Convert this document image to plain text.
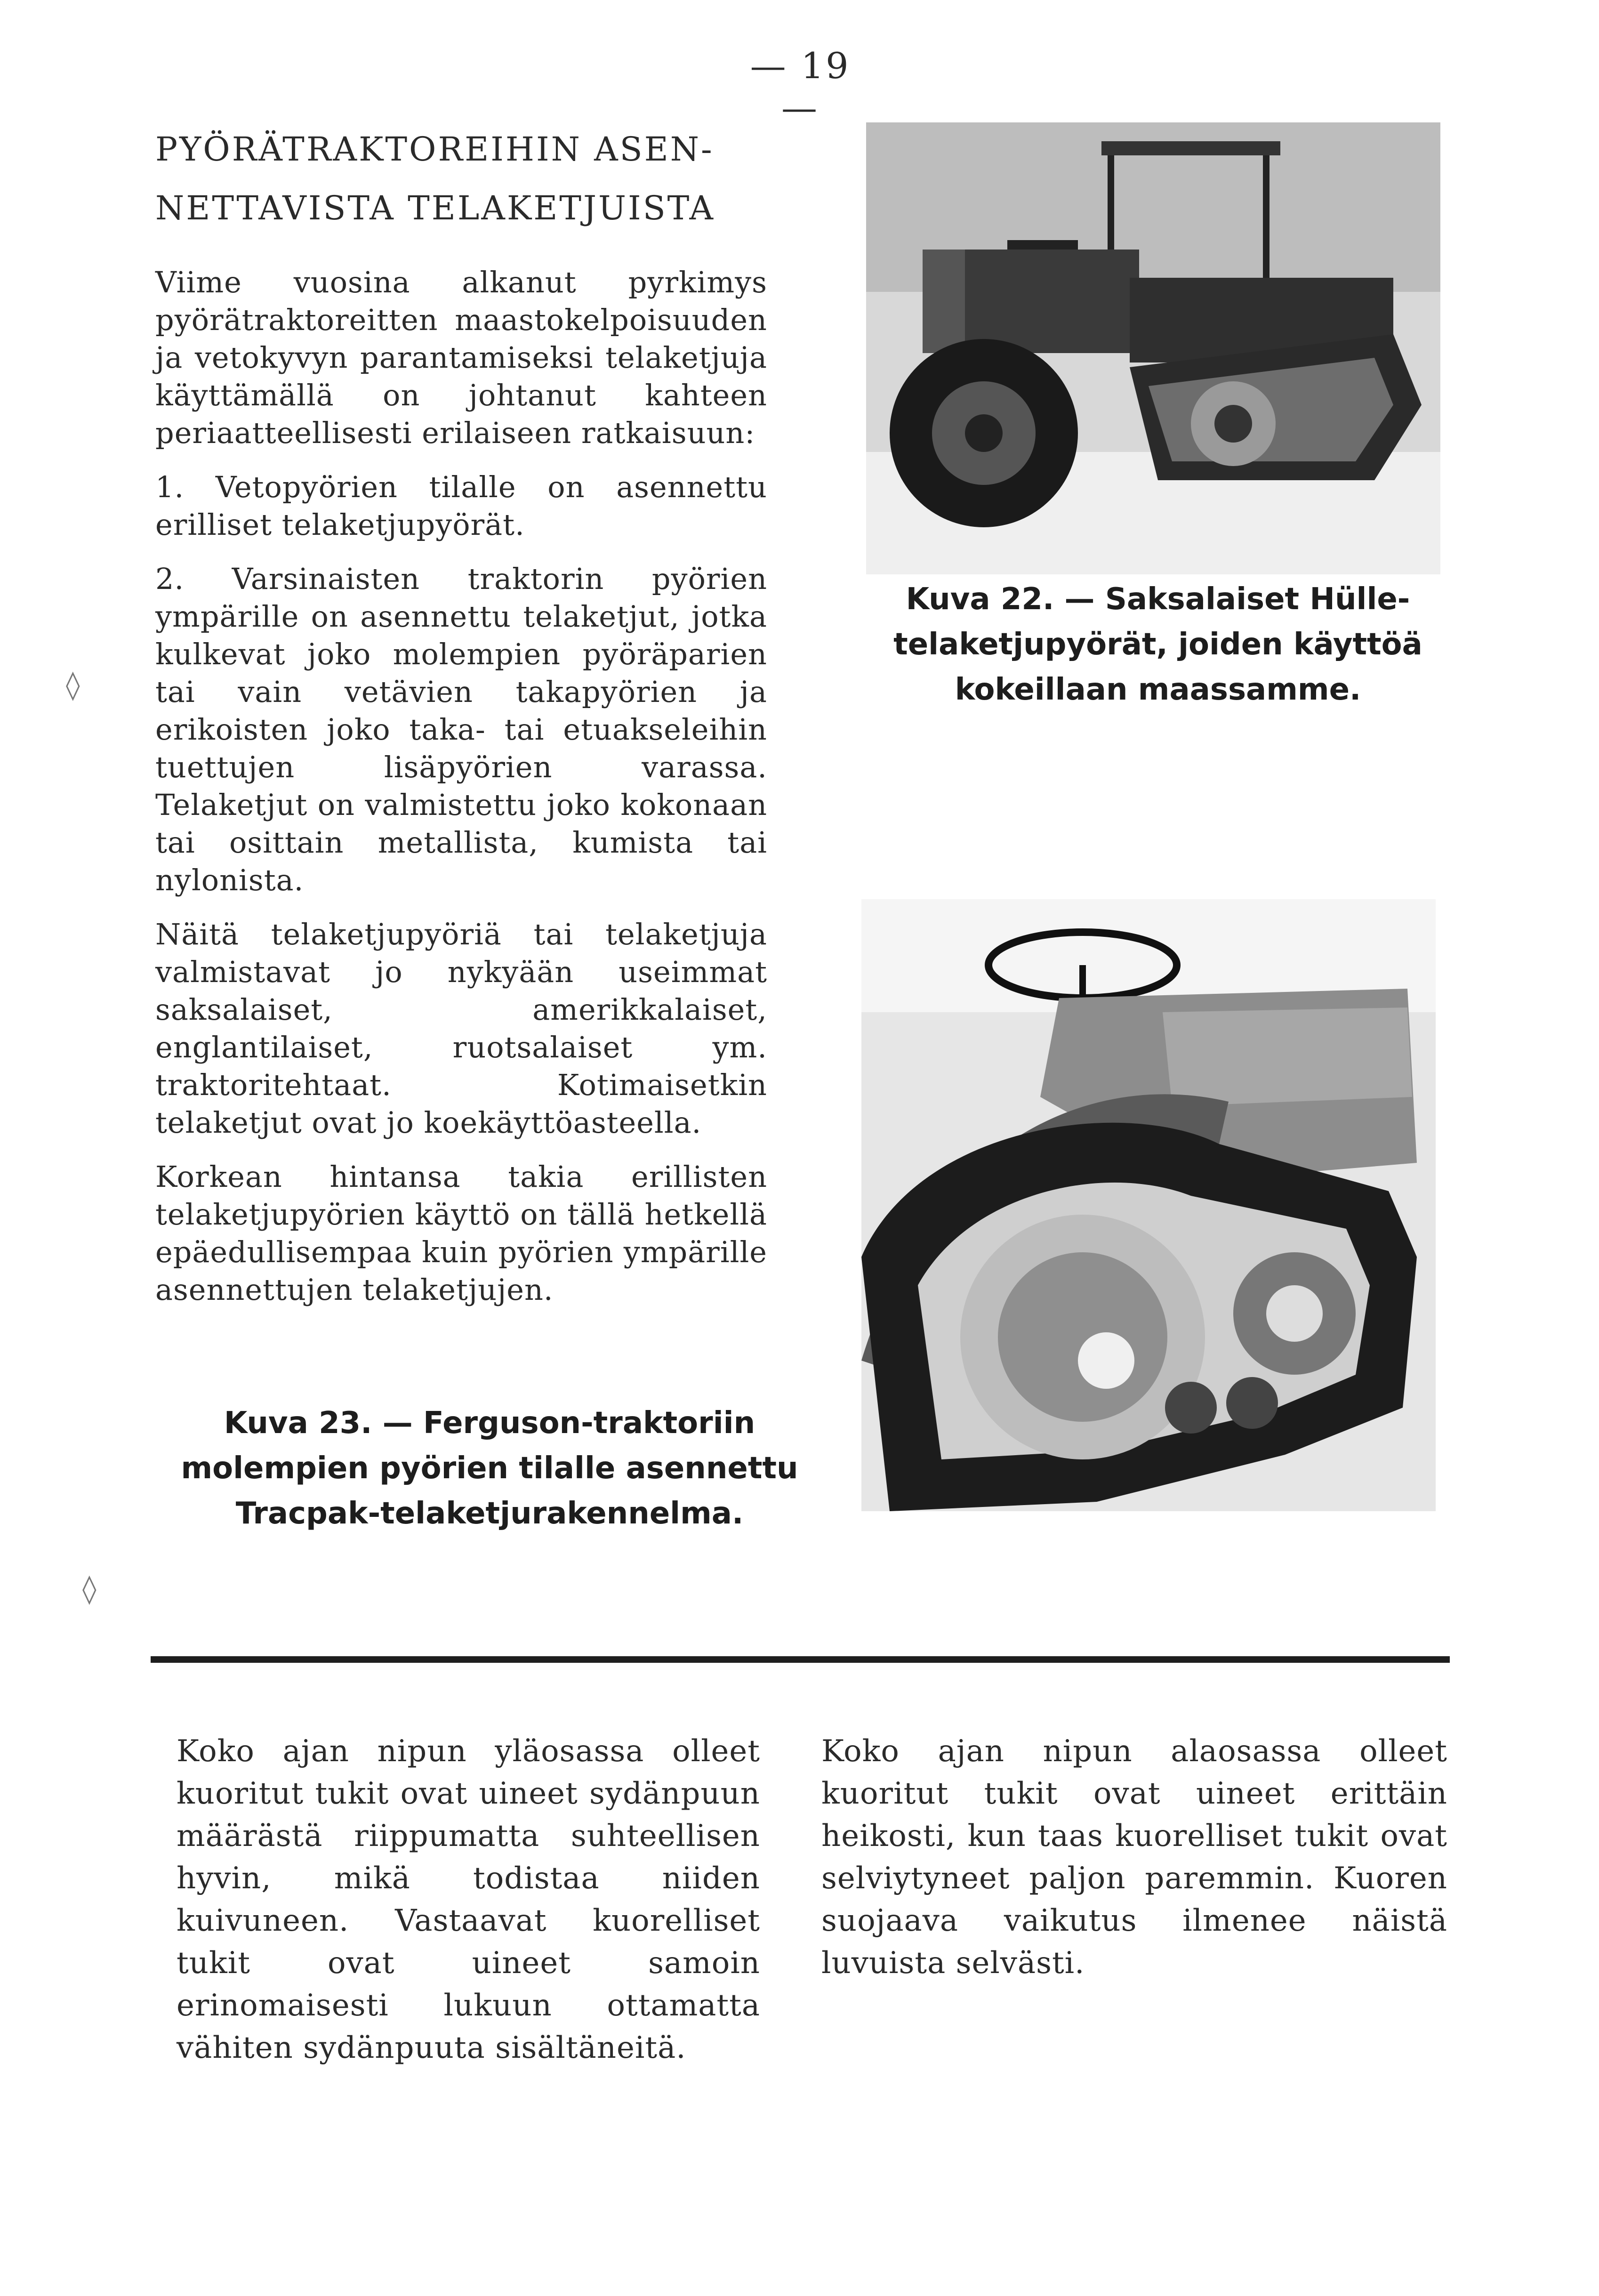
— 19 —
PYÖRÄTRAKTOREIHIN ASEN-
NETTAVISTA TELAKETJUISTA

Viime vuosina alkanut pyrkimys pyörätraktoreitten maastokelpoisuuden ja vetokyvyn parantamiseksi telaketjuja käyttämällä on johtanut kahteen periaatteellisesti erilaiseen ratkaisuun:

1. Vetopyörien tilalle on asennettu erilliset telaketjupyörät.

2. Varsinaisten traktorin pyörien ympärille on asennettu telaketjut, jotka kulkevat joko molempien pyöräparien tai vain vetävien takapyörien ja erikoisten joko taka- tai etuakseleihin tuettujen lisäpyörien varassa. Telaketjut on valmistettu joko kokonaan tai osittain metallista, kumista tai nylonista.

Näitä telaketjupyöriä tai telaketjuja valmistavat jo nykyään useimmat saksalaiset, amerikkalaiset, englantilaiset, ruotsalaiset ym. traktoritehtaat. Kotimaisetkin telaketjut ovat jo koekäyttöasteella.

Korkean hintansa takia erillisten telaketjupyörien käyttö on tällä hetkellä epäedullisempaa kuin pyörien ympärille asennettujen telaketjujen.

Kuva 22. — Saksalaiset Hülle-telaketjupyörät, joiden käyttöä kokeillaan maassamme.
Kuva 23. — Ferguson-traktoriin molempien pyörien tilalle asennettu Tracpak-telaketjurakennelma.
Koko ajan nipun yläosassa olleet kuoritut tukit ovat uineet sydänpuun määrästä riippumatta suhteellisen hyvin, mikä todistaa niiden kuivuneen. Vastaavat kuorelliset tukit ovat uineet samoin erinomaisesti lukuun ottamatta vähiten sydänpuuta sisältäneitä.
Koko ajan nipun alaosassa olleet kuoritut tukit ovat uineet erittäin heikosti, kun taas kuorelliset tukit ovat selviytyneet paljon paremmin. Kuoren suojaava vaikutus ilmenee näistä luvuista selvästi.
◊
◊
